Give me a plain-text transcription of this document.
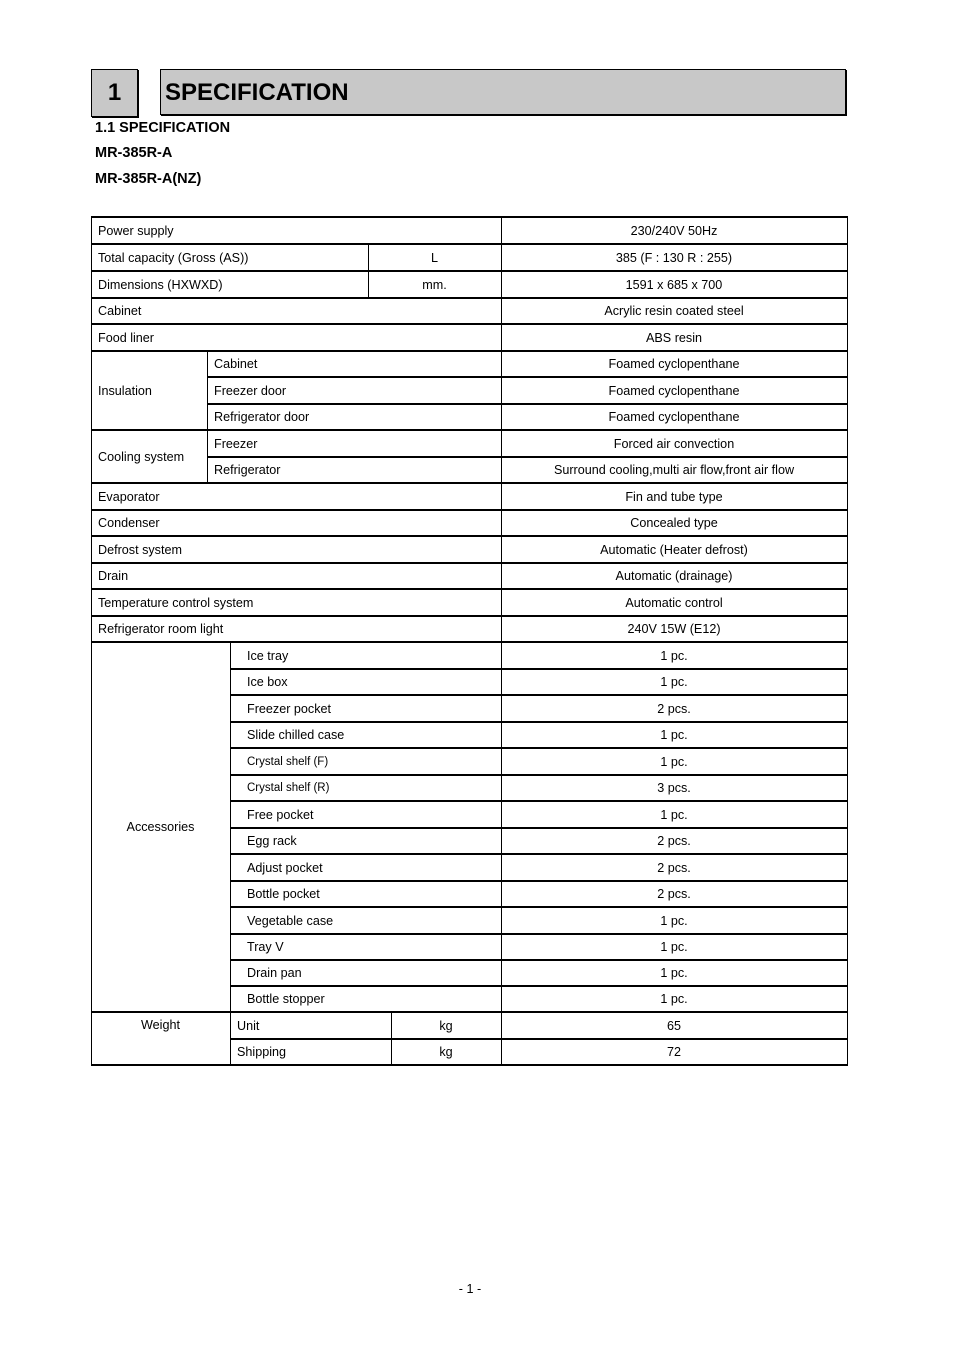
1	SPECIFICATION
1.1 SPECIFICATION
MR-385R-A
MR-385R-A(NZ)
Power supply	230/240V 50Hz
Total capacity (Gross (AS))	L	385 (F : 130 R : 255)
Dimensions (HXWXD)	mm.	1591 x 685 x 700
Cabinet	Acrylic resin coated steel
Food liner	ABS resin
Insulation
Cabinet	Foamed cyclopenthane
Freezer door	Foamed cyclopenthane
Refrigerator door	Foamed cyclopenthane
Cooling system
Freezer	Forced air convection
Refrigerator	Surround cooling,multi air flow,front air flow
Evaporator	Fin and tube type
Condenser	Concealed type
Defrost system	Automatic (Heater defrost)
Drain	Automatic (drainage)
Temperature control system	Automatic control
Refrigerator room light	240V 15W (E12)
Accessories
Ice tray	1 pc.
Ice box	1 pc.
Freezer pocket	2 pcs.
Slide chilled case	1 pc.
Crystal shelf (F)	1 pc.
Crystal shelf (R)	3 pcs.
Free pocket	1 pc.
Egg rack	2 pcs.
Adjust pocket	2 pcs.
Bottle pocket	2 pcs.
Vegetable case	1 pc.
Tray V	1 pc.
Drain pan	1 pc.
Bottle stopper	1 pc.
Weight	Unit	kg	65
Shipping	kg	72
- 1 -
